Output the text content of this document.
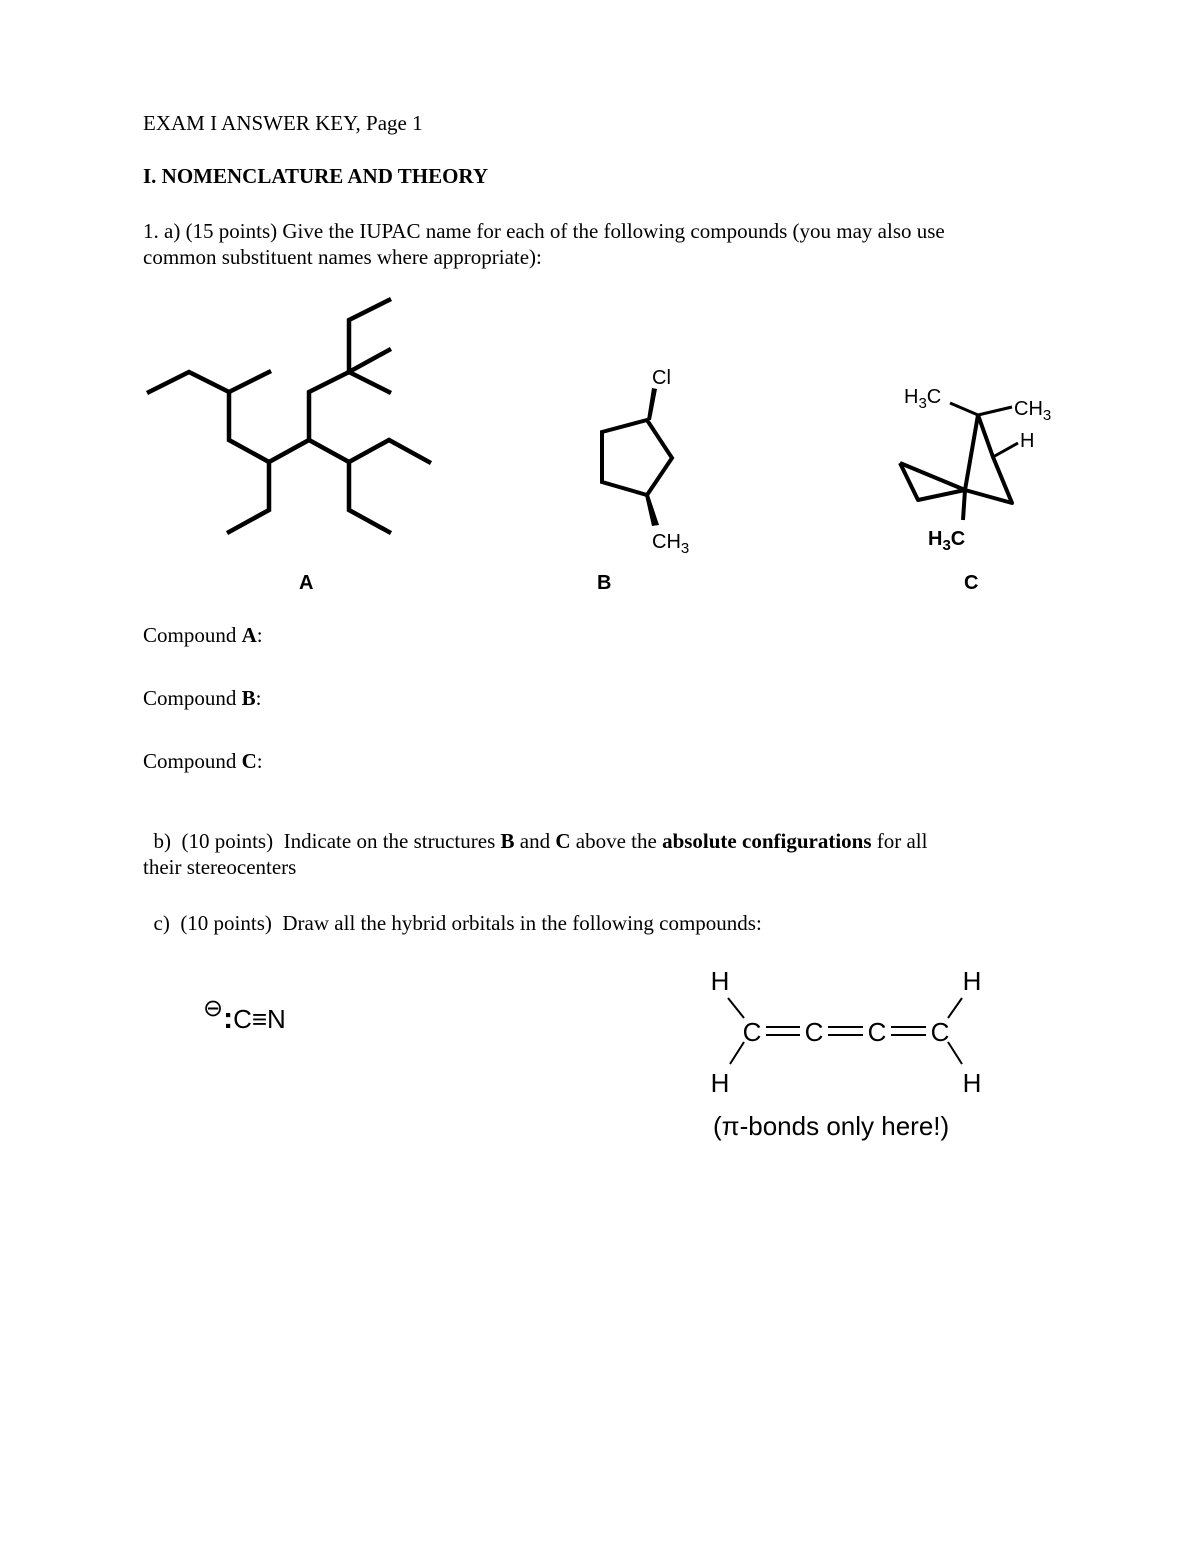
EXAM I ANSWER KEY, Page 1
I. NOMENCLATURE AND THEORY
1. a) (15 points) Give the IUPAC name for each of the following compounds (you may also use
common substituent names where appropriate):
Cl
$CH_3$
$H_3C$
$CH_3$
H
$H_3C$
A	B	C
Compound A:
Compound B:
Compound C:
b)  (10 points)  Indicate on the structures B and C above the absolute configurations for all
their stereocenters
c)  (10 points)  Draw all the hybrid orbitals in the following compounds:
⊖:C≡N
H	H
H	H
C C C C
(π-bonds only here!)
